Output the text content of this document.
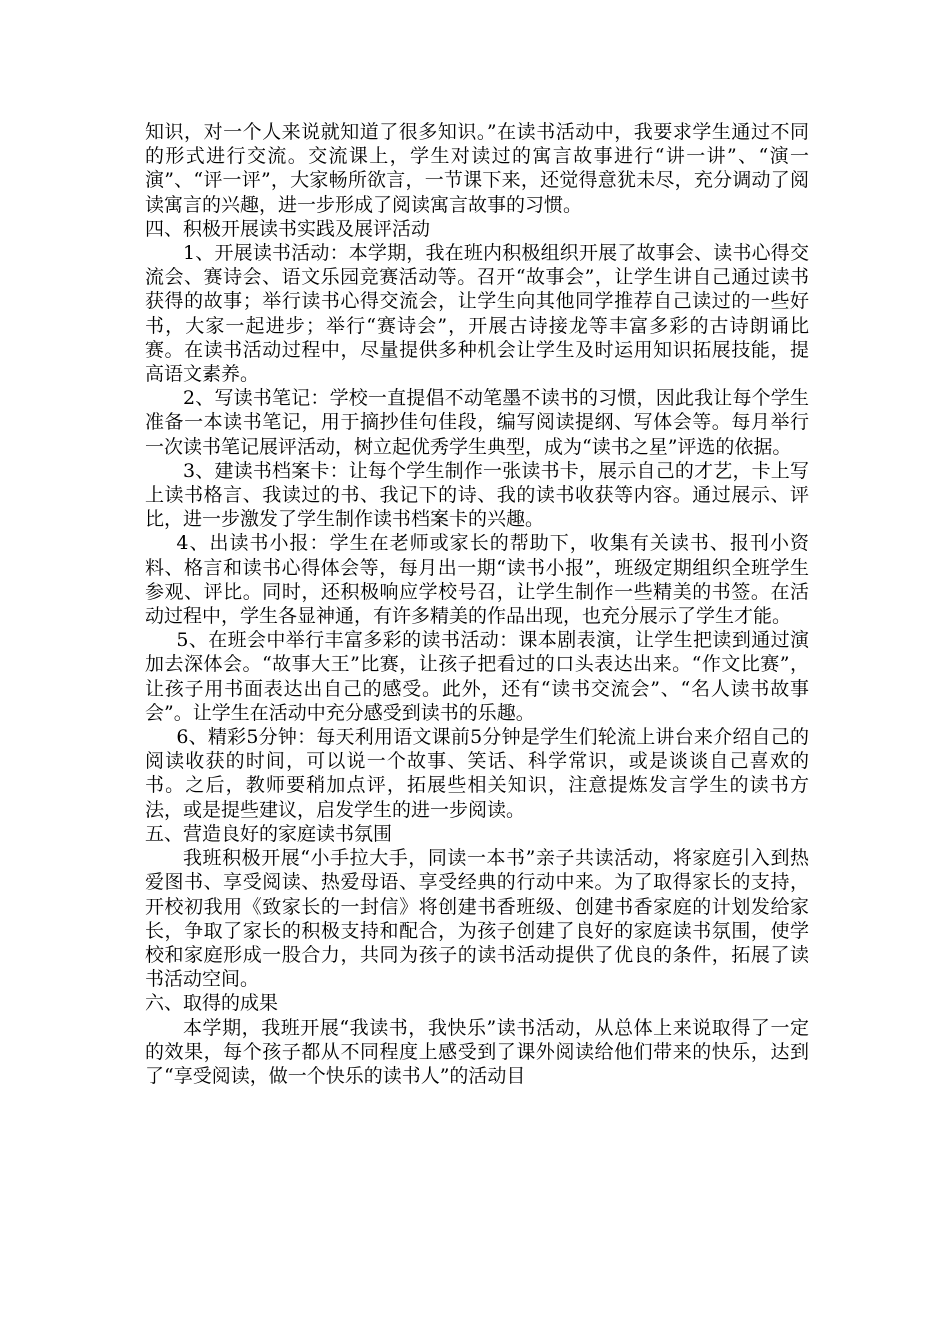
知识，对一个人来说就知道了很多知识。”在读书活动中，我要求学生通过不同的形式进行交流。交流课上，学生对读过的寓言故事进行“讲一讲”、“演一演”、“评一评”，大家畅所欲言，一节课下来，还觉得意犹未尽，充分调动了阅读寓言的兴趣，进一步形成了阅读寓言故事的习惯。

四、积极开展读书实践及展评活动

1、开展读书活动：本学期，我在班内积极组织开展了故事会、读书心得交流会、赛诗会、语文乐园竞赛活动等。召开“故事会”，让学生讲自己通过读书获得的故事；举行读书心得交流会，让学生向其他同学推荐自己读过的一些好书，大家一起进步；举行“赛诗会”，开展古诗接龙等丰富多彩的古诗朗诵比赛。在读书活动过程中，尽量提供多种机会让学生及时运用知识拓展技能，提高语文素养。

2、写读书笔记：学校一直提倡不动笔墨不读书的习惯，因此我让每个学生准备一本读书笔记，用于摘抄佳句佳段，编写阅读提纲、写体会等。每月举行一次读书笔记展评活动，树立起优秀学生典型，成为“读书之星”评选的依据。

3、建读书档案卡：让每个学生制作一张读书卡，展示自己的才艺，卡上写上读书格言、我读过的书、我记下的诗、我的读书收获等内容。通过展示、评比，进一步激发了学生制作读书档案卡的兴趣。

4、出读书小报：学生在老师或家长的帮助下，收集有关读书、报刊小资料、格言和读书心得体会等，每月出一期“读书小报”，班级定期组织全班学生参观、评比。同时，还积极响应学校号召，让学生制作一些精美的书签。在活动过程中，学生各显神通，有许多精美的作品出现，也充分展示了学生才能。

5、在班会中举行丰富多彩的读书活动：课本剧表演，让学生把读到通过演加去深体会。“故事大王”比赛，让孩子把看过的口头表达出来。“作文比赛”，让孩子用书面表达出自己的感受。此外，还有“读书交流会”、“名人读书故事会”。让学生在活动中充分感受到读书的乐趣。

6、精彩5分钟：每天利用语文课前5分钟是学生们轮流上讲台来介绍自己的阅读收获的时间，可以说一个故事、笑话、科学常识，或是谈谈自己喜欢的书。之后，教师要稍加点评，拓展些相关知识，注意提炼发言学生的读书方法，或是提些建议，启发学生的进一步阅读。

五、营造良好的家庭读书氛围

我班积极开展“小手拉大手，同读一本书”亲子共读活动，将家庭引入到热爱图书、享受阅读、热爱母语、享受经典的行动中来。为了取得家长的支持，开校初我用《致家长的一封信》将创建书香班级、创建书香家庭的计划发给家长，争取了家长的积极支持和配合，为孩子创建了良好的家庭读书氛围，使学校和家庭形成一股合力，共同为孩子的读书活动提供了优良的条件，拓展了读书活动空间。

六、取得的成果

本学期，我班开展“我读书，我快乐”读书活动，从总体上来说取得了一定的效果，每个孩子都从不同程度上感受到了课外阅读给他们带来的快乐，达到了“享受阅读，做一个快乐的读书人”的活动目
